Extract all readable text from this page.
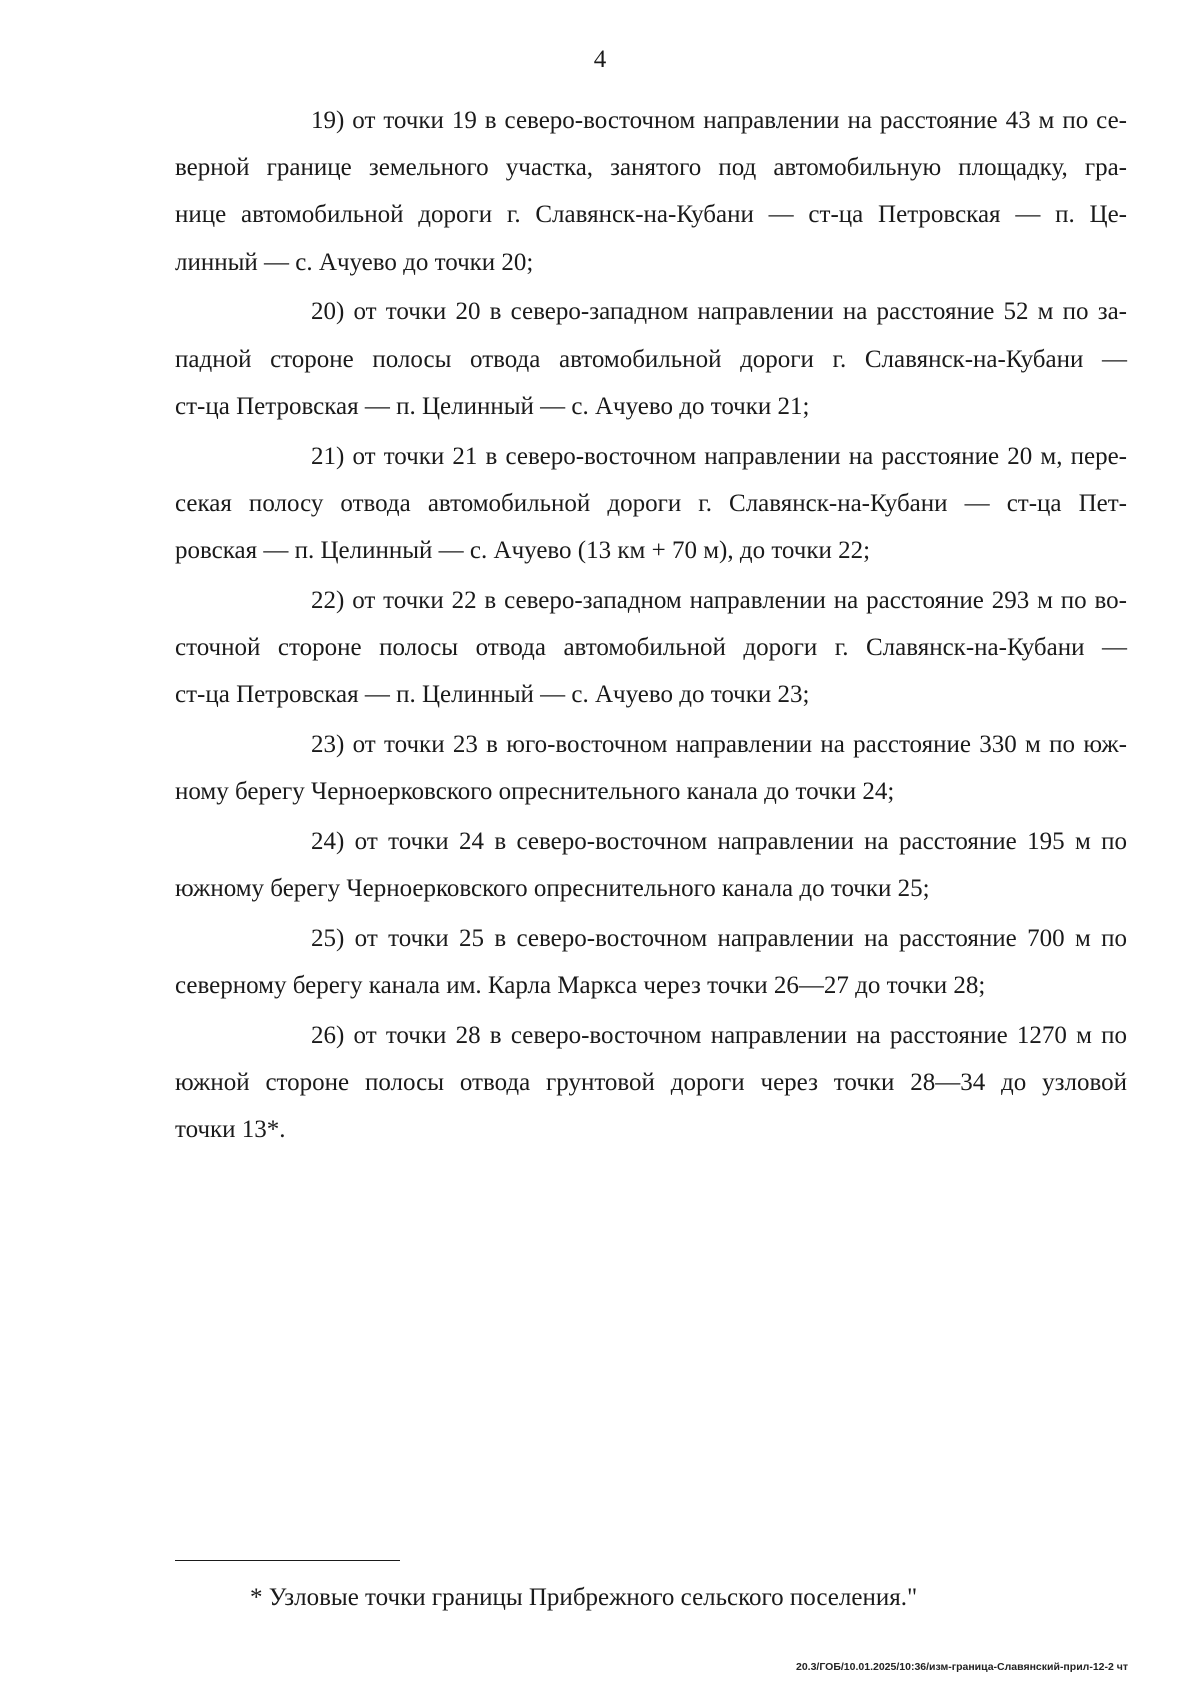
4
19) от точки 19 в северо-восточном направлении на расстояние 43 м по се-
верной границе земельного участка, занятого под автомобильную площадку, гра-
нице автомобильной дороги г. Славянск-на-Кубани — ст-ца Петровская — п. Це-
линный — с. Ачуево до точки 20;
20) от точки 20 в северо-западном направлении на расстояние 52 м по за-
падной стороне полосы отвода автомобильной дороги г. Славянск-на-Кубани —
ст-ца Петровская — п. Целинный — с. Ачуево до точки 21;
21) от точки 21 в северо-восточном направлении на расстояние 20 м, пере-
секая полосу отвода автомобильной дороги г. Славянск-на-Кубани — ст-ца Пет-
ровская — п. Целинный — с. Ачуево (13 км + 70 м), до точки 22;
22) от точки 22 в северо-западном направлении на расстояние 293 м по во-
сточной стороне полосы отвода автомобильной дороги г. Славянск-на-Кубани —
ст-ца Петровская — п. Целинный — с. Ачуево до точки 23;
23) от точки 23 в юго-восточном направлении на расстояние 330 м по юж-
ному берегу Черноерковского опреснительного канала до точки 24;
24) от точки 24 в северо-восточном направлении на расстояние 195 м по
южному берегу Черноерковского опреснительного канала до точки 25;
25) от точки 25 в северо-восточном направлении на расстояние 700 м по
северному берегу канала им. Карла Маркса через точки 26—27 до точки 28;
26) от точки 28 в северо-восточном направлении на расстояние 1270 м по
южной стороне полосы отвода грунтовой дороги через точки 28—34 до узловой
точки 13*.
* Узловые точки границы Прибрежного сельского поселения."
20.3/ГОБ/10.01.2025/10:36/изм-граница-Славянский-прил-12-2 чт
